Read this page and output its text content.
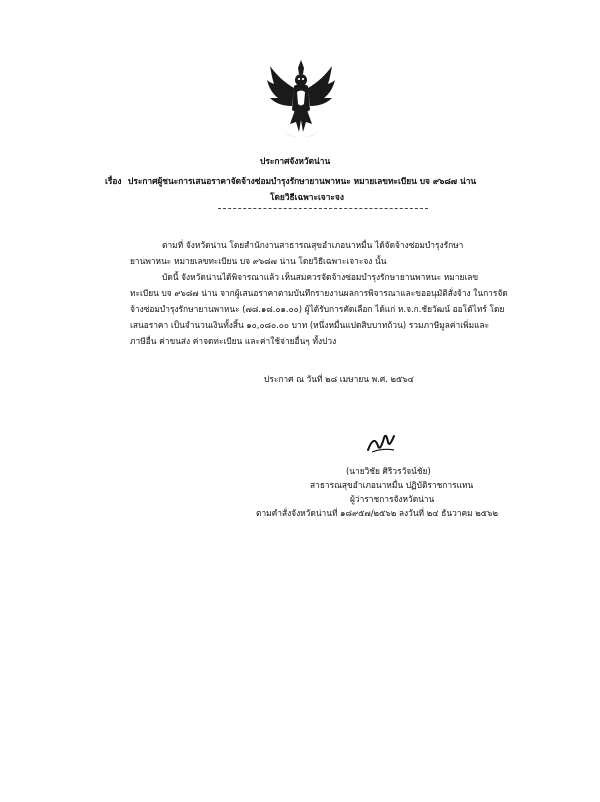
ประกาศจังหวัดน่าน
เรื่อง ประกาศผู้ชนะการเสนอราคาจัดจ้างซ่อมบำรุงรักษายานพาหนะ หมายเลขทะเบียน บจ ๙๖๘๗ น่าน
โดยวิธีเฉพาะเจาะจง
ตามที่ จังหวัดน่าน โดยสำนักงานสาธารณสุขอำเภอนาหมื่น ได้จัดจ้างซ่อมบำรุงรักษา
ยานพาหนะ หมายเลขทะเบียน บจ ๙๖๘๗ น่าน โดยวิธีเฉพาะเจาะจง นั้น
บัดนี้ จังหวัดน่านได้พิจารณาแล้ว เห็นสมควรจัดจ้างซ่อมบำรุงรักษายานพาหนะ หมายเลข
ทะเบียน บจ ๙๖๘๗ น่าน จากผู้เสนอราคาตามบันทึกรายงานผลการพิจารณาและขออนุมัติสั่งจ้าง ในการจัด
จ้างซ่อมบำรุงรักษายานพาหนะ (๗๘.๑๘.๐๑.๐๐) ผู้ได้รับการคัดเลือก ได้แก่ ห.จ.ก.ชัยวัฒน์ ออโต้ไทร์ โดย
เสนอราคา เป็นจำนวนเงินทั้งสิ้น ๑๐,๐๘๐.๐๐ บาท (หนึ่งหมื่นแปดสิบบาทถ้วน) รวมภาษีมูลค่าเพิ่มและ
ภาษีอื่น ค่าขนส่ง ค่าจดทะเบียน และค่าใช้จ่ายอื่นๆ ทั้งปวง
ประกาศ ณ วันที่ ๒๘ เมษายน พ.ศ. ๒๕๖๔
(นายวิชัย ศิริวรวัจน์ชัย)
สาธารณสุขอำเภอนาหมื่น ปฏิบัติราชการแทน
ผู้ว่าราชการจังหวัดน่าน
ตามคำสั่งจังหวัดน่านที่ ๑๘๙๕๗/๒๕๖๒ ลงวันที่ ๒๔ ธันวาคม ๒๕๖๒
